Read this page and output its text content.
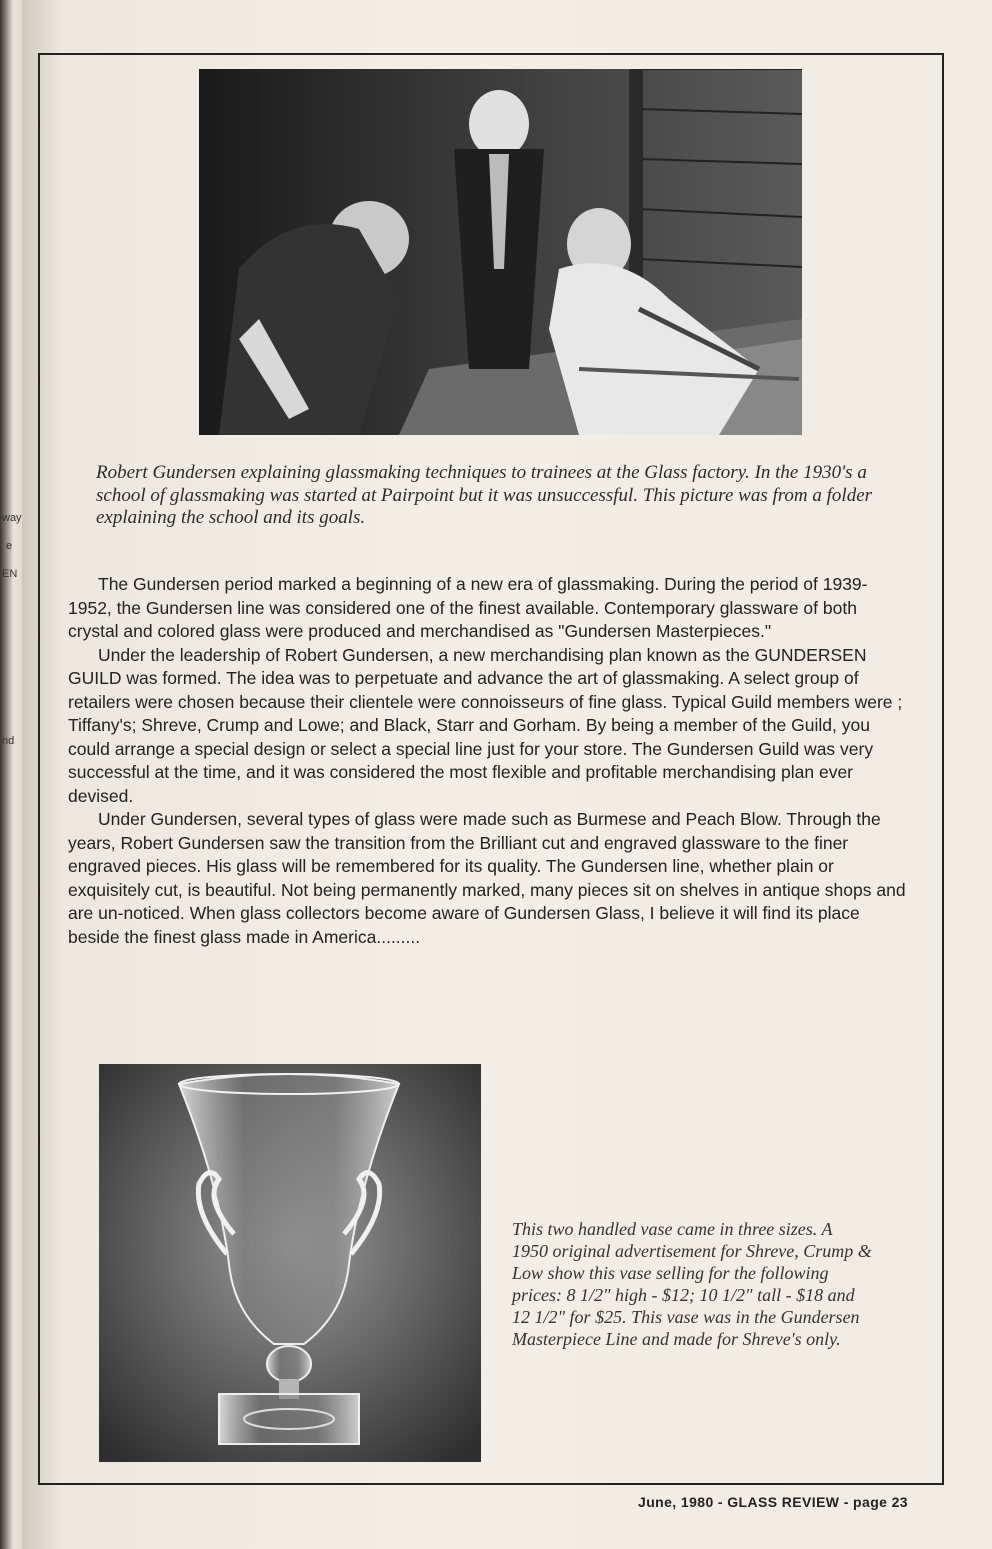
way
e
EN
nd
Robert Gundersen explaining glassmaking techniques to trainees at the Glass factory. In the 1930's a school of glassmaking was started at Pairpoint but it was unsuccessful. This picture was from a folder explaining the school and its goals.

The Gundersen period marked a beginning of a new era of glassmaking. During the period of 1939-1952, the Gundersen line was considered one of the finest available. Contemporary glassware of both crystal and colored glass were produced and merchandised as "Gundersen Masterpieces."

Under the leadership of Robert Gundersen, a new merchandising plan known as the GUNDERSEN GUILD was formed. The idea was to perpetuate and advance the art of glassmaking. A select group of retailers were chosen because their clientele were connoisseurs of fine glass. Typical Guild members were ; Tiffany's; Shreve, Crump and Lowe; and Black, Starr and Gorham. By being a member of the Guild, you could arrange a special design or select a special line just for your store. The Gundersen Guild was very successful at the time, and it was considered the most flexible and profitable merchandising plan ever devised.

Under Gundersen, several types of glass were made such as Burmese and Peach Blow. Through the years, Robert Gundersen saw the transition from the Brilliant cut and engraved glassware to the finer engraved pieces. His glass will be remembered for its quality. The Gundersen line, whether plain or exquisitely cut, is beautiful. Not being permanently marked, many pieces sit on shelves in antique shops and are un-noticed. When glass collectors become aware of Gundersen Glass, I believe it will find its place beside the finest glass made in America.........

This two handled vase came in three sizes. A 1950 original advertisement for Shreve, Crump & Low show this vase selling for the following prices: 8 1/2" high - $12; 10 1/2" tall - $18 and 12 1/2" for $25. This vase was in the Gundersen Masterpiece Line and made for Shreve's only.
June, 1980 - GLASS REVIEW - page 23
